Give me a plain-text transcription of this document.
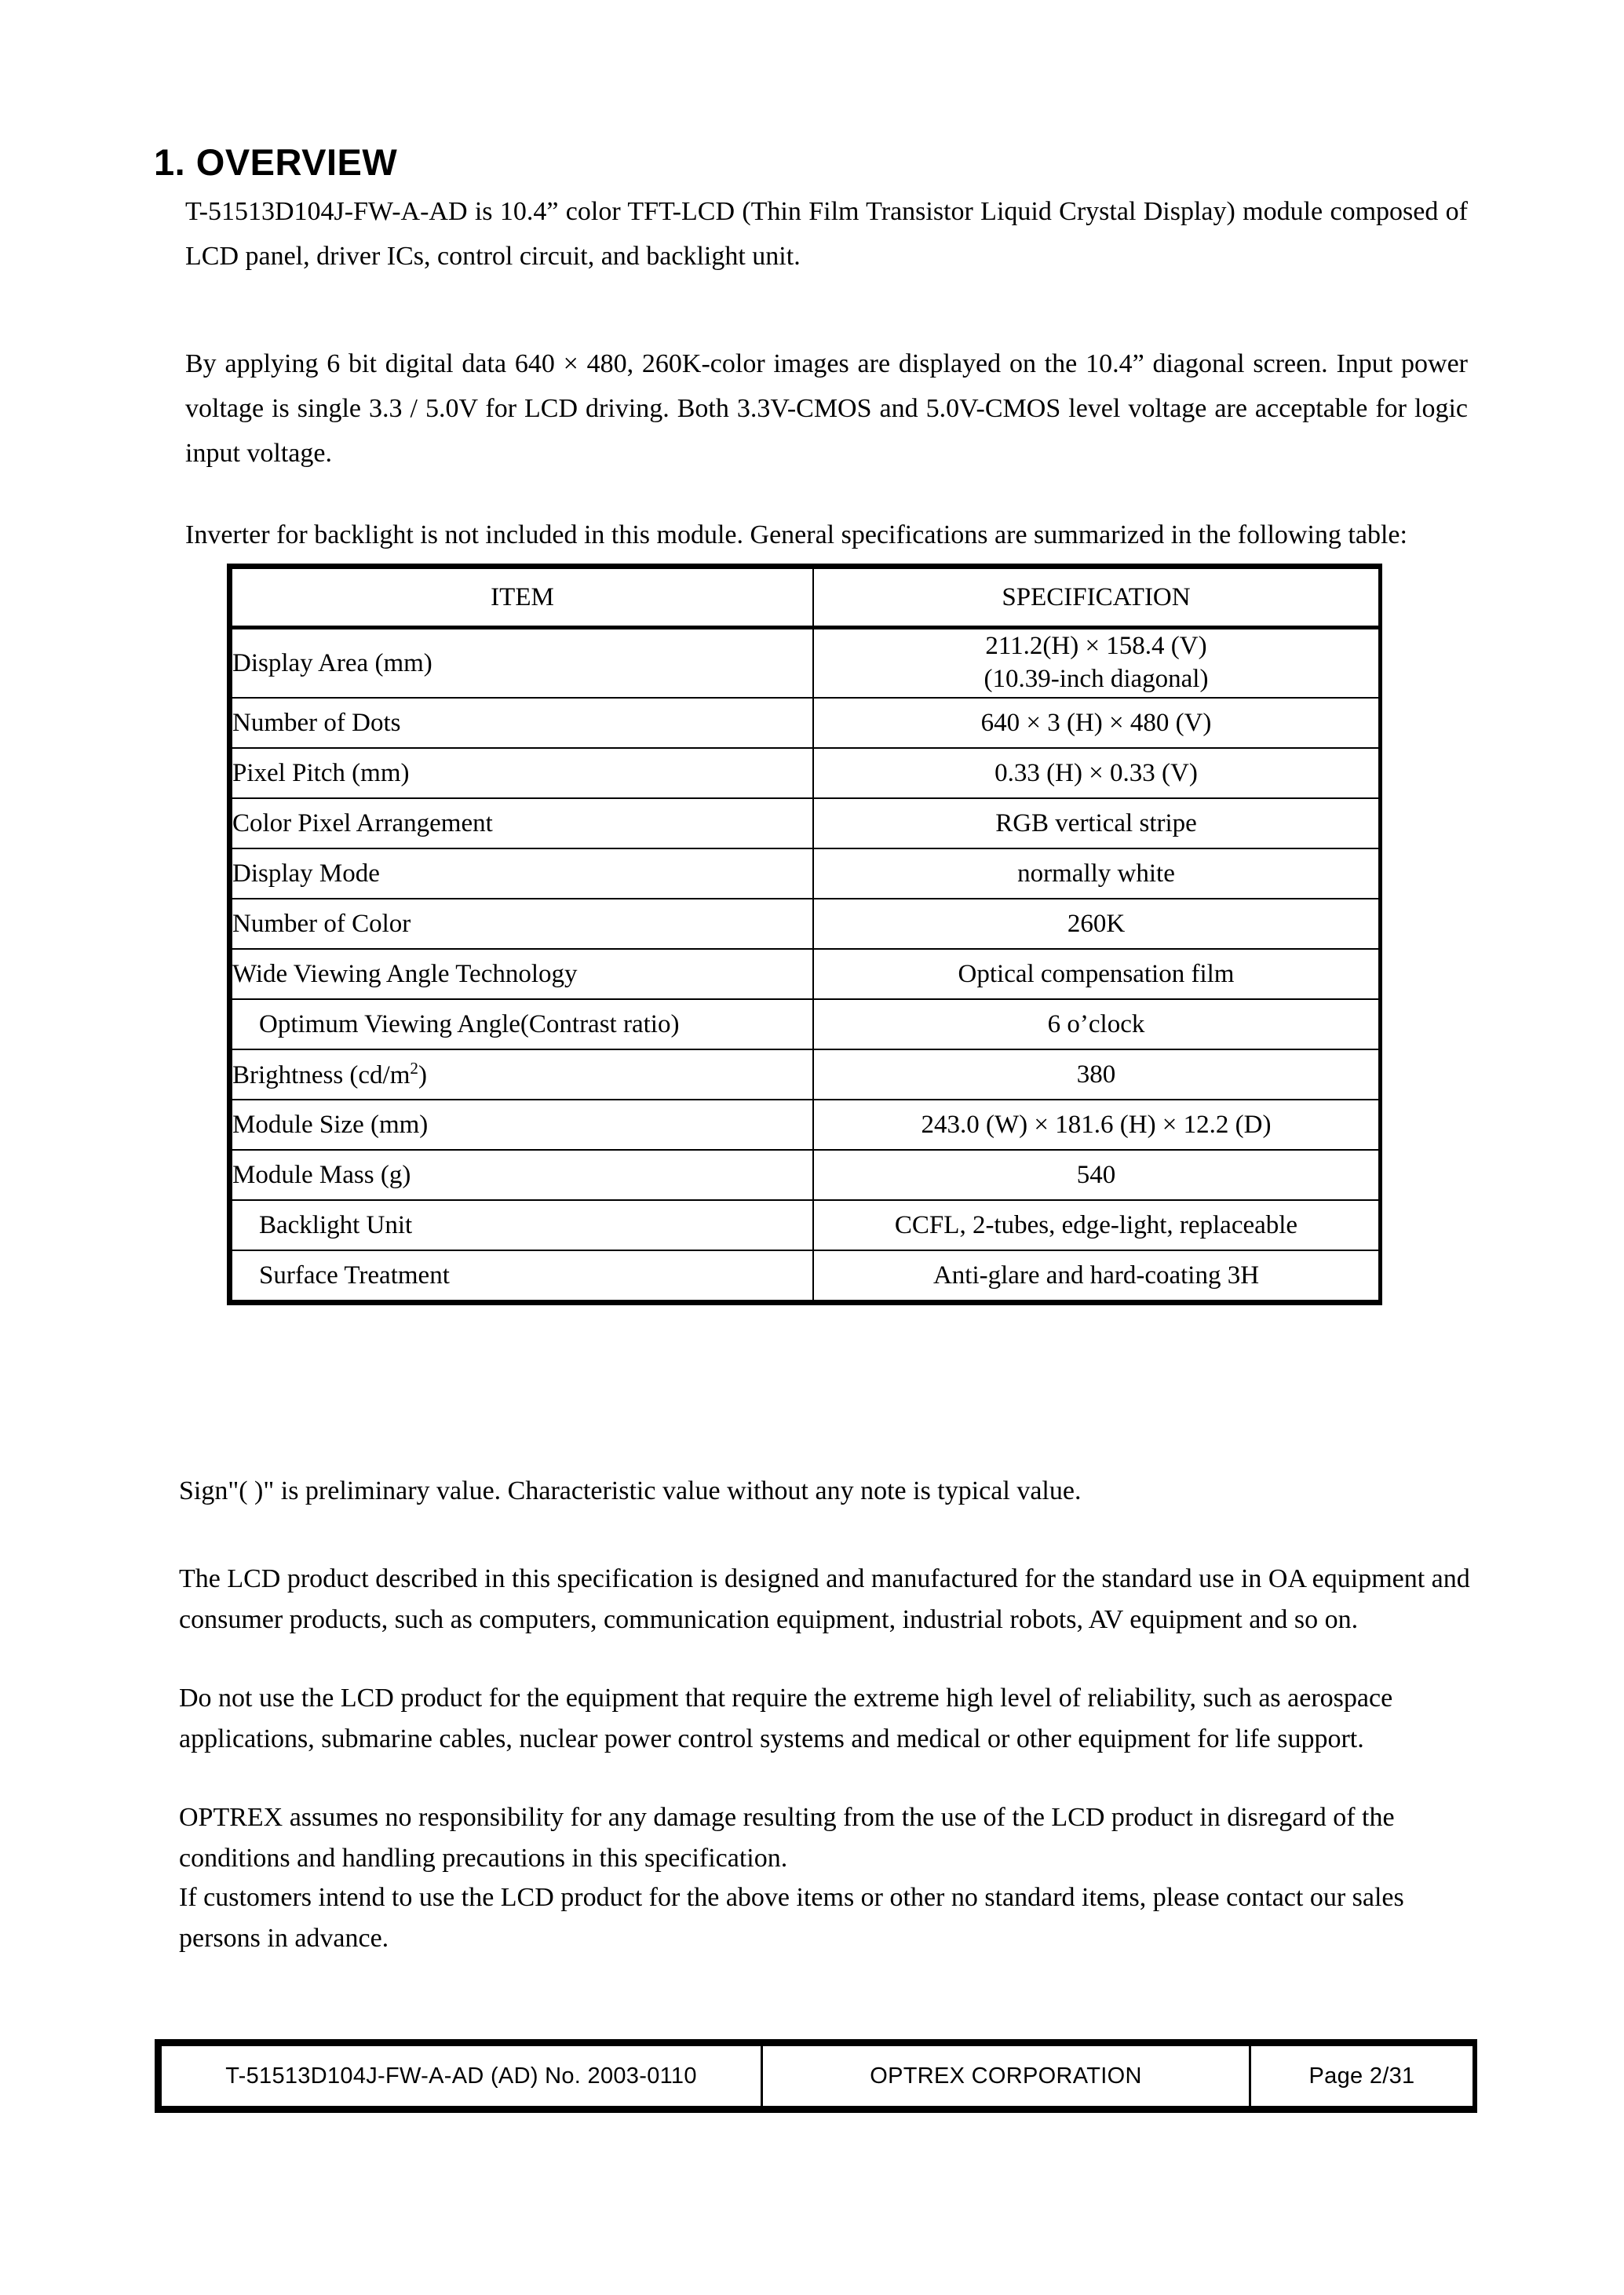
1. OVERVIEW

T-51513D104J-FW-A-AD is 10.4” color TFT-LCD (Thin Film Transistor Liquid Crystal Display) module composed of LCD panel, driver ICs, control circuit, and backlight unit.

By applying 6 bit digital data 640 × 480, 260K-color images are displayed on the 10.4” diagonal screen. Input power voltage is single 3.3 / 5.0V for LCD driving. Both 3.3V-CMOS and 5.0V-CMOS level voltage are acceptable for logic input voltage.

Inverter for backlight is not included in this module. General specifications are summarized in the following table:

ITEM	SPECIFICATION

Display Area (mm)	211.2(H) × 158.4 (V)
(10.39-inch diagonal)

Number of Dots	640 × 3 (H) × 480 (V)
Pixel Pitch (mm)	0.33 (H) × 0.33 (V)
Color Pixel Arrangement	RGB vertical stripe
Display Mode	normally white
Number of Color	260K
Wide Viewing Angle Technology	Optical compensation film
Optimum Viewing Angle(Contrast ratio)	6 o’clock
Brightness $(cd/m^2)$	380
Module Size (mm)	243.0 (W) × 181.6 (H) × 12.2 (D)
Module Mass (g)	540
Backlight Unit	CCFL, 2-tubes, edge-light, replaceable
Surface Treatment	Anti-glare and hard-coating 3H

Sign"( )" is preliminary value. Characteristic value without any note is typical value.

The LCD product described in this specification is designed and manufactured for the standard use in OA equipment and consumer products, such as computers, communication equipment, industrial robots, AV equipment and so on.

Do not use the LCD product for the equipment that require the extreme high level of reliability, such as aerospace applications, submarine cables, nuclear power control systems and medical or other equipment for life support.

OPTREX assumes no responsibility for any damage resulting from the use of the LCD product in disregard of the conditions and handling precautions in this specification.

If customers intend to use the LCD product for the above items or other no standard items, please contact our sales persons in advance.

T-51513D104J-FW-A-AD (AD) No. 2003-0110	OPTREX CORPORATION	Page 2/31
